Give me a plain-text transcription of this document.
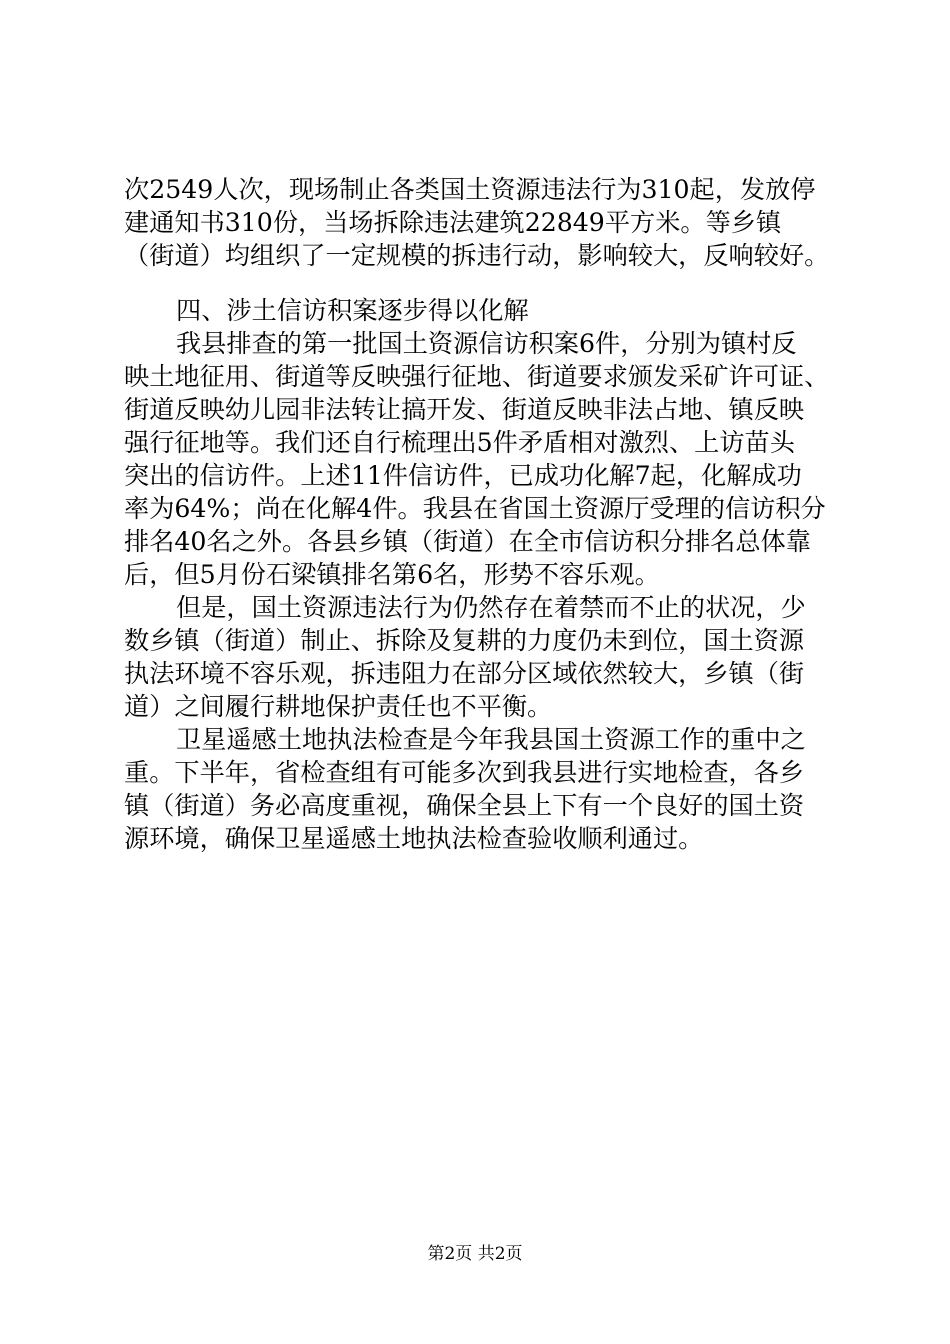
次2549人次，现场制止各类国土资源违法行为310起，发放停
建通知书310份，当场拆除违法建筑22849平方米。等乡镇
（街道）均组织了一定规模的拆违行动，影响较大，反响较好。
四、涉土信访积案逐步得以化解
我县排查的第一批国土资源信访积案6件，分别为镇村反
映土地征用、街道等反映强行征地、街道要求颁发采矿许可证、
街道反映幼儿园非法转让搞开发、街道反映非法占地、镇反映
强行征地等。我们还自行梳理出5件矛盾相对激烈、上访苗头
突出的信访件。上述11件信访件，已成功化解7起，化解成功
率为64%；尚在化解4件。我县在省国土资源厅受理的信访积分
排名40名之外。各县乡镇（街道）在全市信访积分排名总体靠
后，但5月份石梁镇排名第6名，形势不容乐观。
但是，国土资源违法行为仍然存在着禁而不止的状况，少
数乡镇（街道）制止、拆除及复耕的力度仍未到位，国土资源
执法环境不容乐观，拆违阻力在部分区域依然较大，乡镇（街
道）之间履行耕地保护责任也不平衡。
卫星遥感土地执法检查是今年我县国土资源工作的重中之
重。下半年，省检查组有可能多次到我县进行实地检查，各乡
镇（街道）务必高度重视，确保全县上下有一个良好的国土资
源环境，确保卫星遥感土地执法检查验收顺利通过。
第2页 共2页
